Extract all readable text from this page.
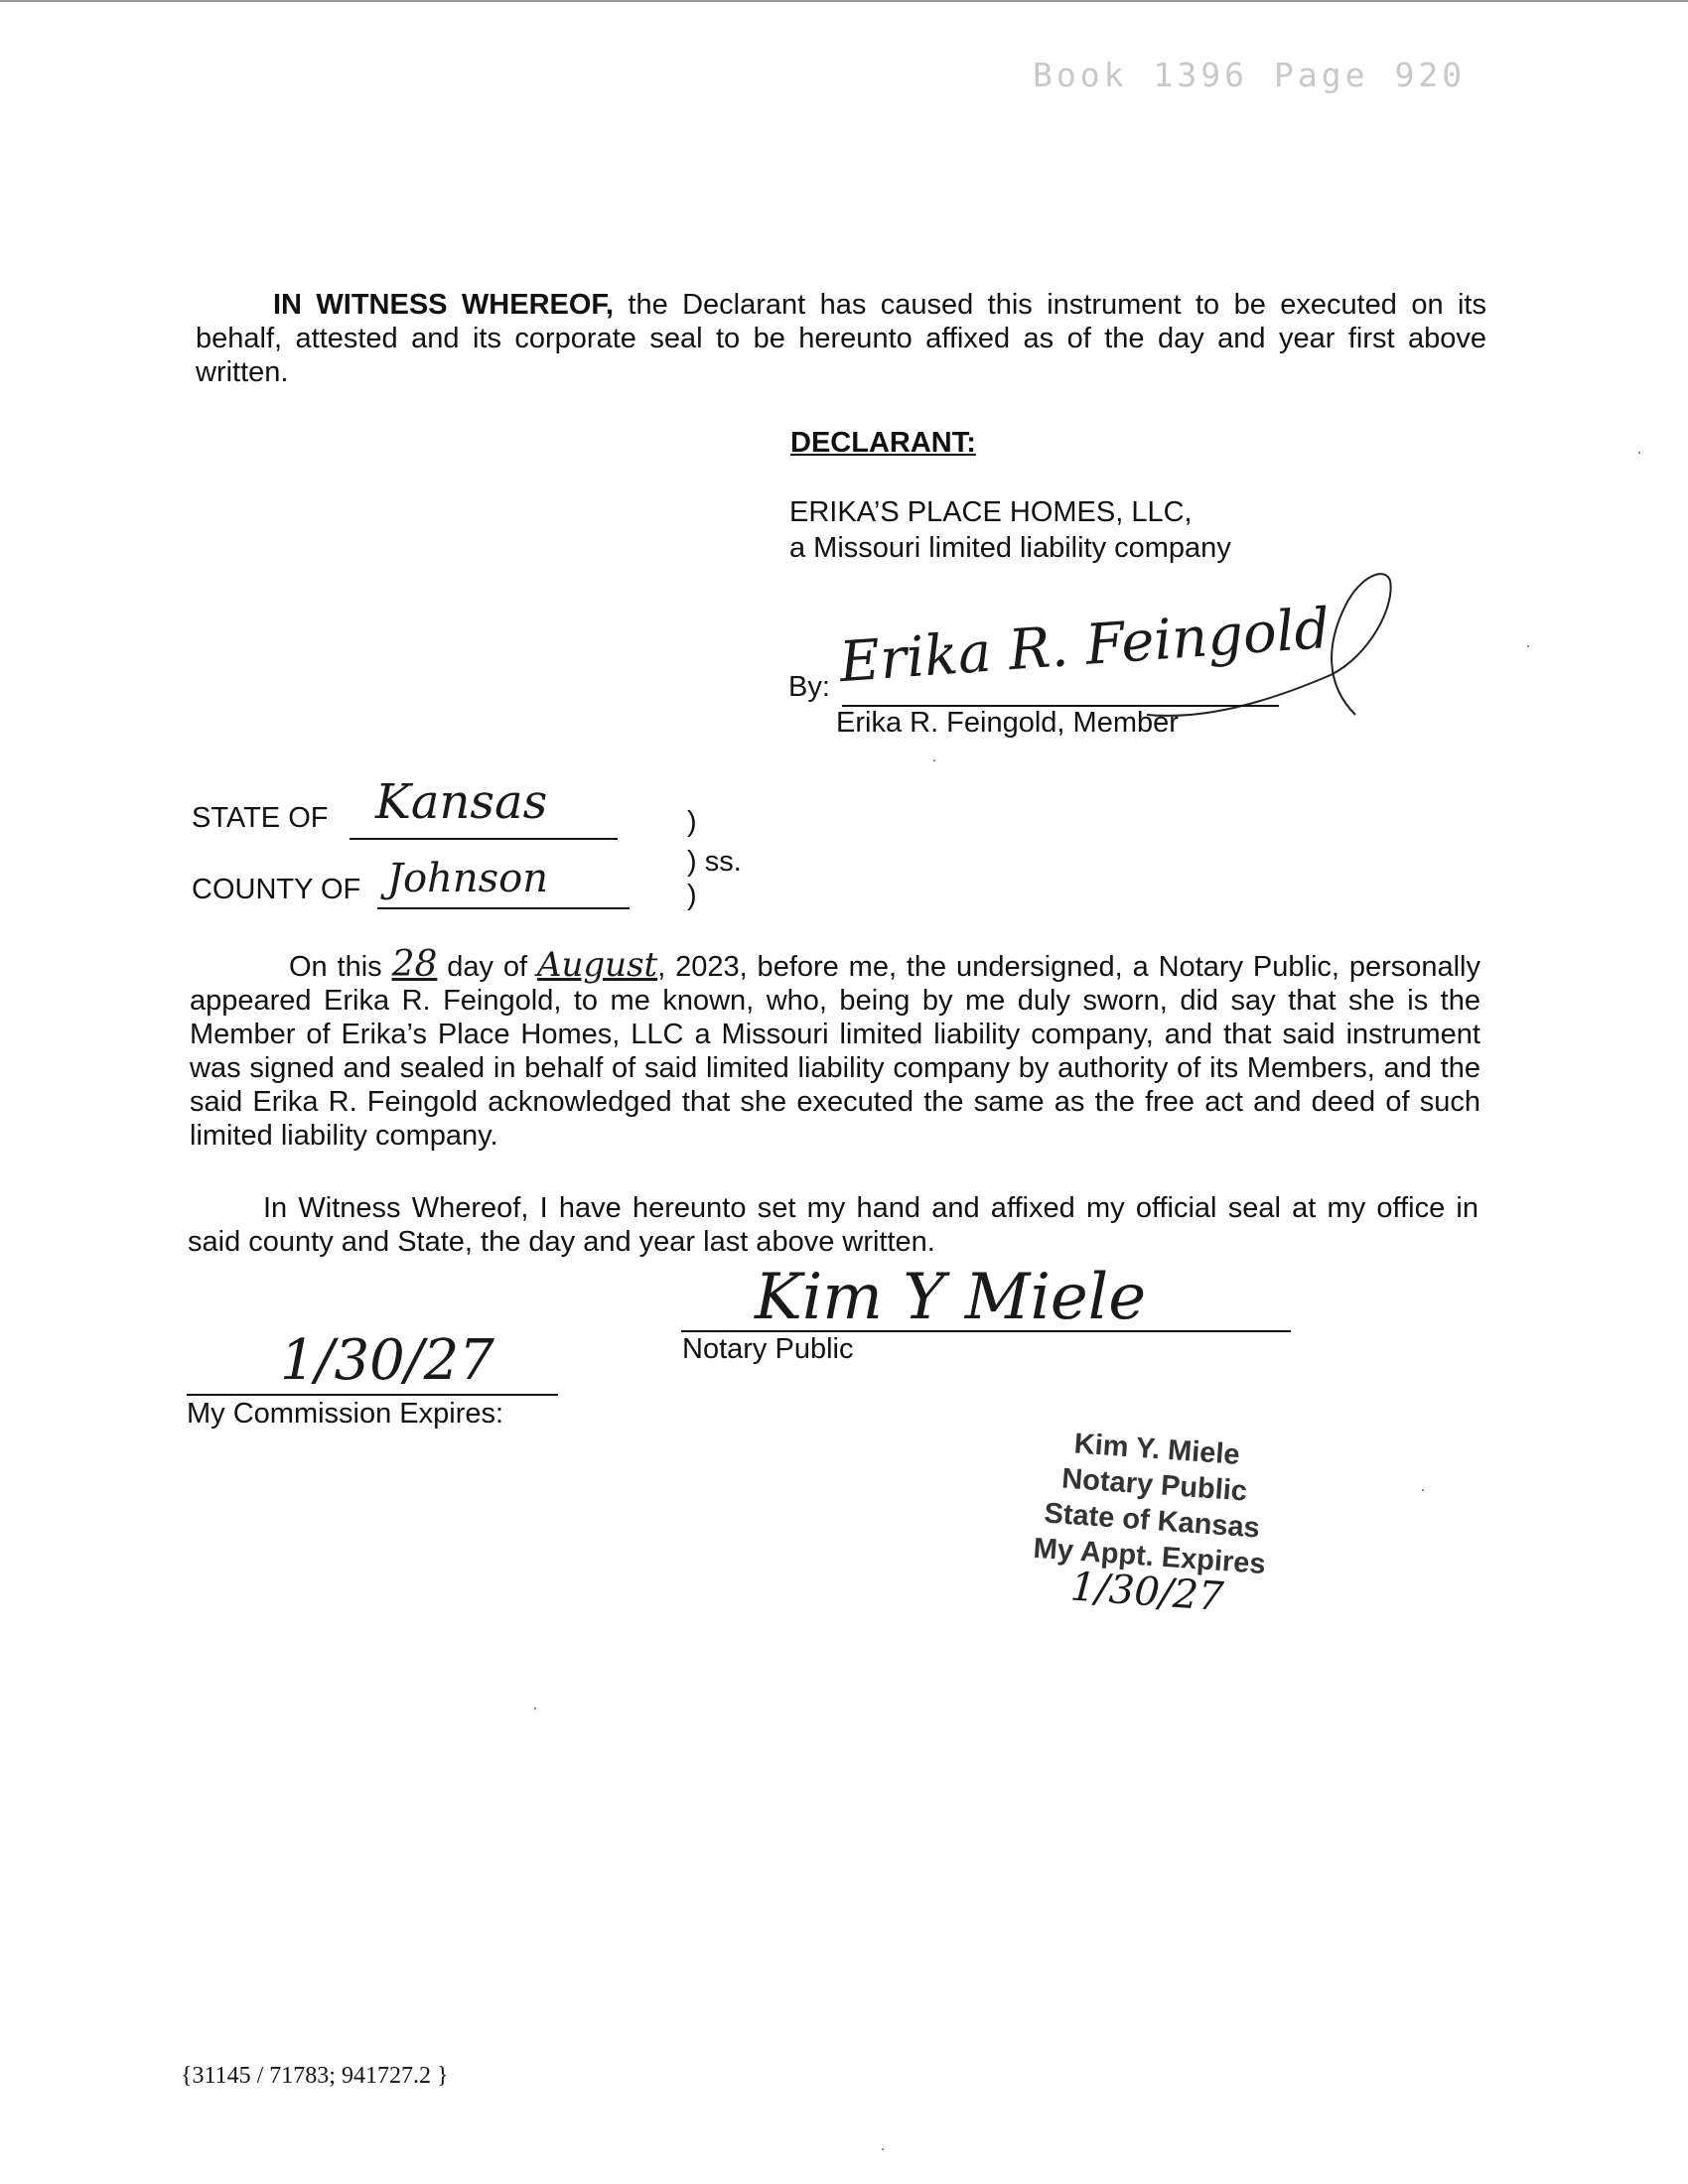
Book 1396 Page 920
IN WITNESS WHEREOF, the Declarant has caused this instrument to be executed on its behalf, attested and its corporate seal to be hereunto affixed as of the day and year first above written.
DECLARANT:
ERIKA’S PLACE HOMES, LLC,
a Missouri limited liability company
By: Erika R. Feingold
Erika R. Feingold, Member
STATE OF Kansas	)
) ss.
COUNTY OF Johnson	)
On this 28 day of August, 2023, before me, the undersigned, a Notary Public, personally appeared Erika R. Feingold, to me known, who, being by me duly sworn, did say that she is the Member of Erika’s Place Homes, LLC a Missouri limited liability company, and that said instrument was signed and sealed in behalf of said limited liability company by authority of its Members, and the said Erika R. Feingold acknowledged that she executed the same as the free act and deed of such limited liability company.
In Witness Whereof, I have hereunto set my hand and affixed my official seal at my office in said county and State, the day and year last above written.
Kim Y Miele
Notary Public
1/30/27
My Commission Expires:
Kim Y. Miele
Notary Public
State of Kansas
My Appt. Expires 1/30/27
{31145 / 71783; 941727.2 }
